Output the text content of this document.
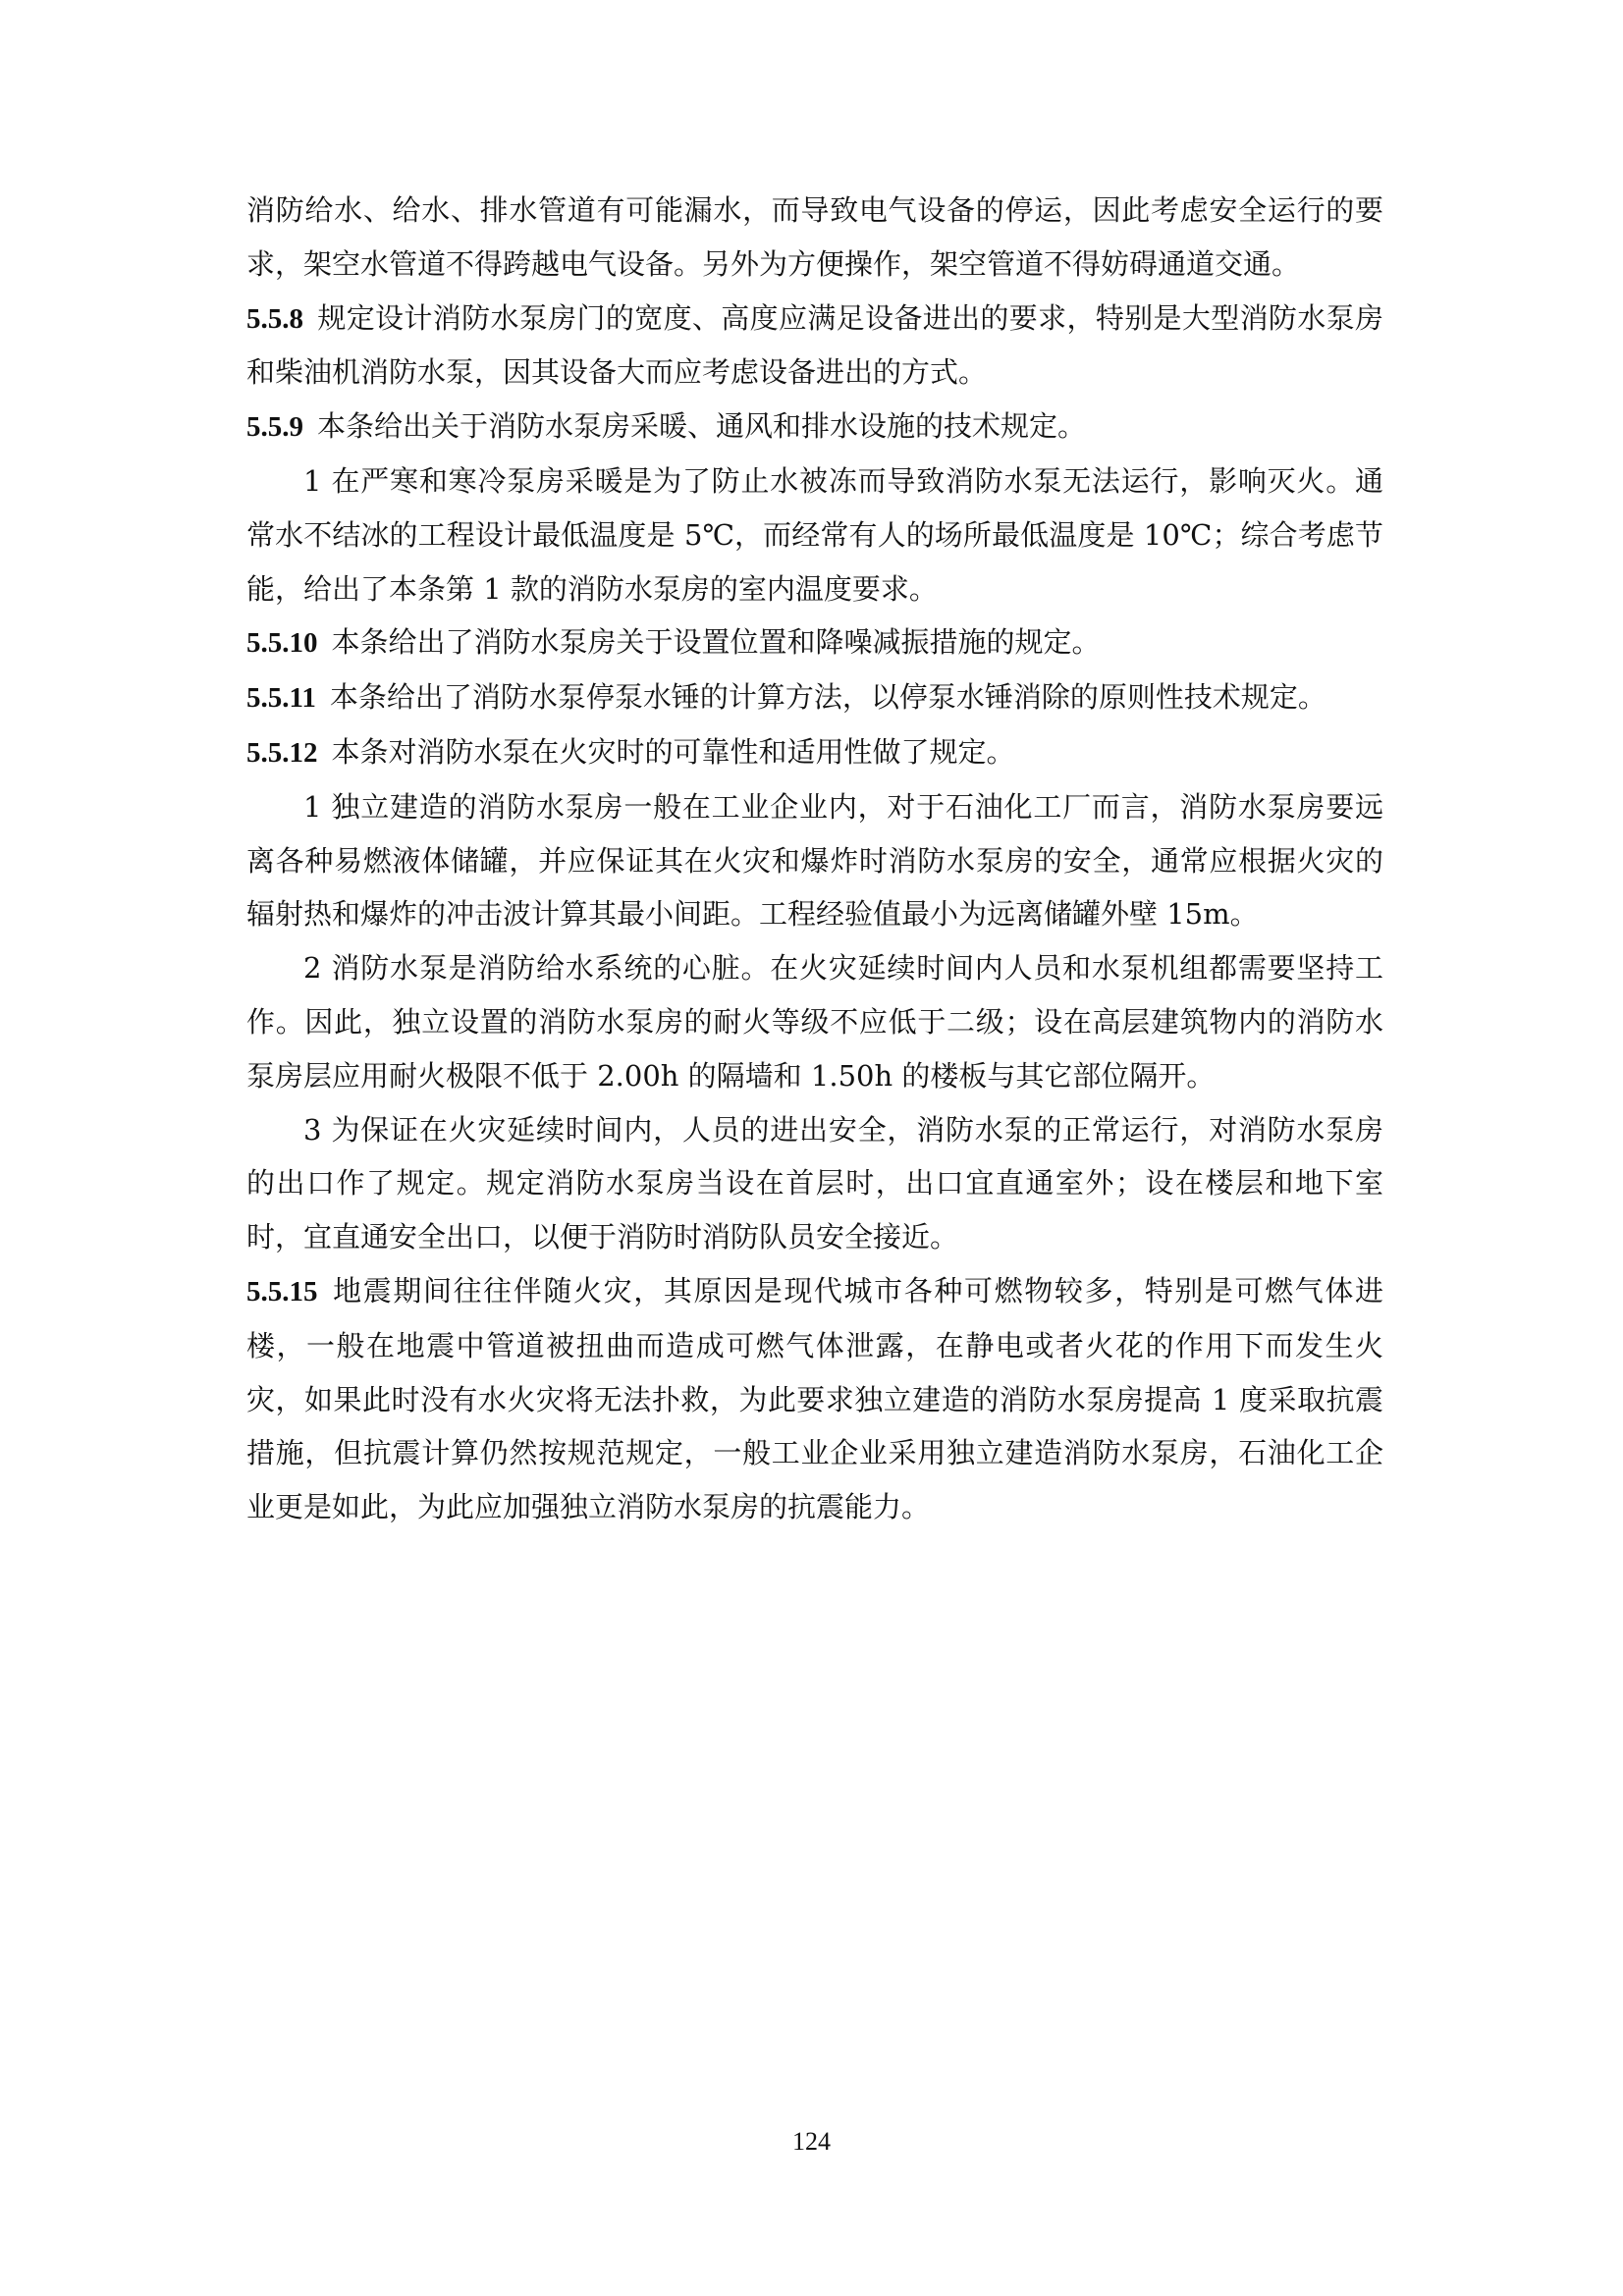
消防给水、给水、排水管道有可能漏水，而导致电气设备的停运，因此考虑安全运行的要求，架空水管道不得跨越电气设备。另外为方便操作，架空管道不得妨碍通道交通。

5.5.8 规定设计消防水泵房门的宽度、高度应满足设备进出的要求，特别是大型消防水泵房和柴油机消防水泵，因其设备大而应考虑设备进出的方式。

5.5.9 本条给出关于消防水泵房采暖、通风和排水设施的技术规定。

1 在严寒和寒冷泵房采暖是为了防止水被冻而导致消防水泵无法运行，影响灭火。通常水不结冰的工程设计最低温度是 5℃，而经常有人的场所最低温度是 10℃；综合考虑节能，给出了本条第 1 款的消防水泵房的室内温度要求。

5.5.10 本条给出了消防水泵房关于设置位置和降噪减振措施的规定。

5.5.11 本条给出了消防水泵停泵水锤的计算方法，以停泵水锤消除的原则性技术规定。

5.5.12 本条对消防水泵在火灾时的可靠性和适用性做了规定。

1 独立建造的消防水泵房一般在工业企业内，对于石油化工厂而言，消防水泵房要远离各种易燃液体储罐，并应保证其在火灾和爆炸时消防水泵房的安全，通常应根据火灾的辐射热和爆炸的冲击波计算其最小间距。工程经验值最小为远离储罐外壁 15m。

2 消防水泵是消防给水系统的心脏。在火灾延续时间内人员和水泵机组都需要坚持工作。因此，独立设置的消防水泵房的耐火等级不应低于二级；设在高层建筑物内的消防水泵房层应用耐火极限不低于 2.00h 的隔墙和 1.50h 的楼板与其它部位隔开。

3 为保证在火灾延续时间内，人员的进出安全，消防水泵的正常运行，对消防水泵房的出口作了规定。规定消防水泵房当设在首层时，出口宜直通室外；设在楼层和地下室时，宜直通安全出口，以便于消防时消防队员安全接近。

5.5.15 地震期间往往伴随火灾，其原因是现代城市各种可燃物较多，特别是可燃气体进楼，一般在地震中管道被扭曲而造成可燃气体泄露，在静电或者火花的作用下而发生火灾，如果此时没有水火灾将无法扑救，为此要求独立建造的消防水泵房提高 1 度采取抗震措施，但抗震计算仍然按规范规定，一般工业企业采用独立建造消防水泵房，石油化工企业更是如此，为此应加强独立消防水泵房的抗震能力。

124
